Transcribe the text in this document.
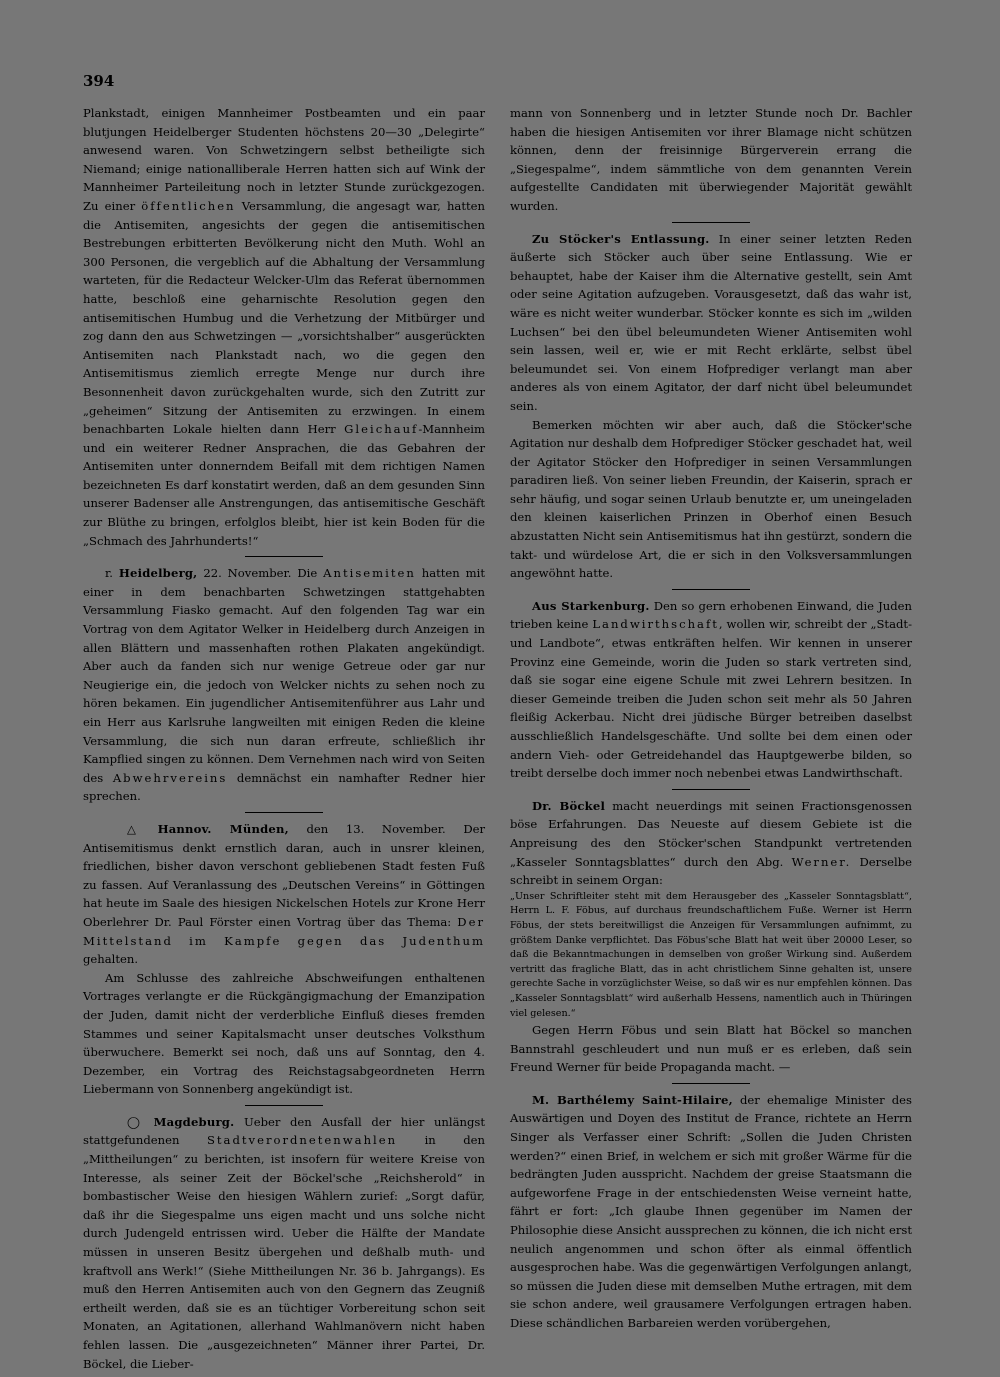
394

Plankstadt, einigen Mannheimer Postbeamten und ein paar blutjungen Heidelberger Studenten höchstens 20—30 „Delegirte“ anwesend waren. Von Schwetzingern selbst betheiligte sich Niemand; einige nationalliberale Herren hatten sich auf Wink der Mannheimer Parteileitung noch in letzter Stunde zurückgezogen. Zu einer öffentlichen Versammlung, die angesagt war, hatten die Antisemiten, angesichts der gegen die antisemitischen Bestrebungen erbitterten Bevölkerung nicht den Muth. Wohl an 300 Personen, die vergeblich auf die Abhaltung der Versammlung warteten, für die Redacteur Welcker-Ulm das Referat übernommen hatte, beschloß eine geharnischte Resolution gegen den antisemitischen Humbug und die Verhetzung der Mitbürger und zog dann den aus Schwetzingen — „vorsichtshalber“ ausgerückten Antisemiten nach Plankstadt nach, wo die gegen den Antisemitismus ziemlich erregte Menge nur durch ihre Besonnenheit davon zurückgehalten wurde, sich den Zutritt zur „geheimen“ Sitzung der Antisemiten zu erzwingen. In einem benachbarten Lokale hielten dann Herr Gleichauf-Mannheim und ein weiterer Redner Ansprachen, die das Gebahren der Antisemiten unter donnerndem Beifall mit dem richtigen Namen bezeichneten Es darf konstatirt werden, daß an dem gesunden Sinn unserer Badenser alle Anstrengungen, das antisemitische Geschäft zur Blüthe zu bringen, erfolglos bleibt, hier ist kein Boden für die „Schmach des Jahrhunderts!“

r. Heidelberg, 22. November. Die Antisemiten hatten mit einer in dem benachbarten Schwetzingen stattgehabten Versammlung Fiasko gemacht. Auf den folgenden Tag war ein Vortrag von dem Agitator Welker in Heidelberg durch Anzeigen in allen Blättern und massenhaften rothen Plakaten angekündigt. Aber auch da fanden sich nur wenige Getreue oder gar nur Neugierige ein, die jedoch von Welcker nichts zu sehen noch zu hören bekamen. Ein jugendlicher Antisemitenführer aus Lahr und ein Herr aus Karlsruhe langweilten mit einigen Reden die kleine Versammlung, die sich nun daran erfreute, schließlich ihr Kampflied singen zu können. Dem Vernehmen nach wird von Seiten des Abwehrvereins demnächst ein namhafter Redner hier sprechen.

△ Hannov. Münden, den 13. November. Der Antisemitismus denkt ernstlich daran, auch in unsrer kleinen, friedlichen, bisher davon verschont gebliebenen Stadt festen Fuß zu fassen. Auf Veranlassung des „Deutschen Vereins“ in Göttingen hat heute im Saale des hiesigen Nickelschen Hotels zur Krone Herr Oberlehrer Dr. Paul Förster einen Vortrag über das Thema: Der Mittelstand im Kampfe gegen das Judenthum gehalten.

Am Schlusse des zahlreiche Abschweifungen enthaltenen Vortrages verlangte er die Rückgängigmachung der Emanzipation der Juden, damit nicht der verderbliche Einfluß dieses fremden Stammes und seiner Kapitalsmacht unser deutsches Volksthum überwuchere. Bemerkt sei noch, daß uns auf Sonntag, den 4. Dezember, ein Vortrag des Reichstagsabgeordneten Herrn Liebermann von Sonnenberg angekündigt ist.

◯ Magdeburg. Ueber den Ausfall der hier unlängst stattgefundenen Stadtverordnetenwahlen in den „Mittheilungen“ zu berichten, ist insofern für weitere Kreise von Interesse, als seiner Zeit der Böckel'sche „Reichsherold“ in bombastischer Weise den hiesigen Wählern zurief: „Sorgt dafür, daß ihr die Siegespalme uns eigen macht und uns solche nicht durch Judengeld entrissen wird. Ueber die Hälfte der Mandate müssen in unseren Besitz übergehen und deßhalb muth- und kraftvoll ans Werk!“ (Siehe Mittheilungen Nr. 36 b. Jahrgangs). Es muß den Herren Antisemiten auch von den Gegnern das Zeugniß ertheilt werden, daß sie es an tüchtiger Vorbereitung schon seit Monaten, an Agitationen, allerhand Wahlmanövern nicht haben fehlen lassen. Die „ausgezeichneten“ Männer ihrer Partei, Dr. Böckel, die Lieber-

mann von Sonnenberg und in letzter Stunde noch Dr. Bachler haben die hiesigen Antisemiten vor ihrer Blamage nicht schützen können, denn der freisinnige Bürgerverein errang die „Siegespalme“, indem sämmtliche von dem genannten Verein aufgestellte Candidaten mit überwiegender Majorität gewählt wurden.

Zu Stöcker's Entlassung. In einer seiner letzten Reden äußerte sich Stöcker auch über seine Entlassung. Wie er behauptet, habe der Kaiser ihm die Alternative gestellt, sein Amt oder seine Agitation aufzugeben. Vorausgesetzt, daß das wahr ist, wäre es nicht weiter wunderbar. Stöcker konnte es sich im „wilden Luchsen“ bei den übel beleumundeten Wiener Antisemiten wohl sein lassen, weil er, wie er mit Recht erklärte, selbst übel beleumundet sei. Von einem Hofprediger verlangt man aber anderes als von einem Agitator, der darf nicht übel beleumundet sein.

Bemerken möchten wir aber auch, daß die Stöcker'sche Agitation nur deshalb dem Hofprediger Stöcker geschadet hat, weil der Agitator Stöcker den Hofprediger in seinen Versammlungen paradiren ließ. Von seiner lieben Freundin, der Kaiserin, sprach er sehr häufig, und sogar seinen Urlaub benutzte er, um uneingeladen den kleinen kaiserlichen Prinzen in Oberhof einen Besuch abzustatten Nicht sein Antisemitismus hat ihn gestürzt, sondern die takt- und würdelose Art, die er sich in den Volksversammlungen angewöhnt hatte.

Aus Starkenburg. Den so gern erhobenen Einwand, die Juden trieben keine Landwirthschaft, wollen wir, schreibt der „Stadt- und Landbote“, etwas entkräften helfen. Wir kennen in unserer Provinz eine Gemeinde, worin die Juden so stark vertreten sind, daß sie sogar eine eigene Schule mit zwei Lehrern besitzen. In dieser Gemeinde treiben die Juden schon seit mehr als 50 Jahren fleißig Ackerbau. Nicht drei jüdische Bürger betreiben daselbst ausschließlich Handelsgeschäfte. Und sollte bei dem einen oder andern Vieh- oder Getreidehandel das Hauptgewerbe bilden, so treibt derselbe doch immer noch nebenbei etwas Landwirthschaft.

Dr. Böckel macht neuerdings mit seinen Fractionsgenossen böse Erfahrungen. Das Neueste auf diesem Gebiete ist die Anpreisung des den Stöcker'schen Standpunkt vertretenden „Kasseler Sonntagsblattes“ durch den Abg. Werner. Derselbe schreibt in seinem Organ:

„Unser Schriftleiter steht mit dem Herausgeber des „Kasseler Sonntagsblatt“, Herrn L. F. Föbus, auf durchaus freundschaftlichem Fuße. Werner ist Herrn Föbus, der stets bereitwilligst die Anzeigen für Versammlungen aufnimmt, zu größtem Danke verpflichtet. Das Föbus'sche Blatt hat weit über 20000 Leser, so daß die Bekanntmachungen in demselben von großer Wirkung sind. Außerdem vertritt das fragliche Blatt, das in acht christlichem Sinne gehalten ist, unsere gerechte Sache in vorzüglichster Weise, so daß wir es nur empfehlen können. Das „Kasseler Sonntagsblatt“ wird außerhalb Hessens, namentlich auch in Thüringen viel gelesen.“

Gegen Herrn Föbus und sein Blatt hat Böckel so manchen Bannstrahl geschleudert und nun muß er es erleben, daß sein Freund Werner für beide Propaganda macht. —

M. Barthélemy Saint-Hilaire, der ehemalige Minister des Auswärtigen und Doyen des Institut de France, richtete an Herrn Singer als Verfasser einer Schrift: „Sollen die Juden Christen werden?“ einen Brief, in welchem er sich mit großer Wärme für die bedrängten Juden ausspricht. Nachdem der greise Staatsmann die aufgeworfene Frage in der entschiedensten Weise verneint hatte, fährt er fort: „Ich glaube Ihnen gegenüber im Namen der Philosophie diese Ansicht aussprechen zu können, die ich nicht erst neulich angenommen und schon öfter als einmal öffentlich ausgesprochen habe. Was die gegenwärtigen Verfolgungen anlangt, so müssen die Juden diese mit demselben Muthe ertragen, mit dem sie schon andere, weil grausamere Verfolgungen ertragen haben. Diese schändlichen Barbareien werden vorübergehen,
